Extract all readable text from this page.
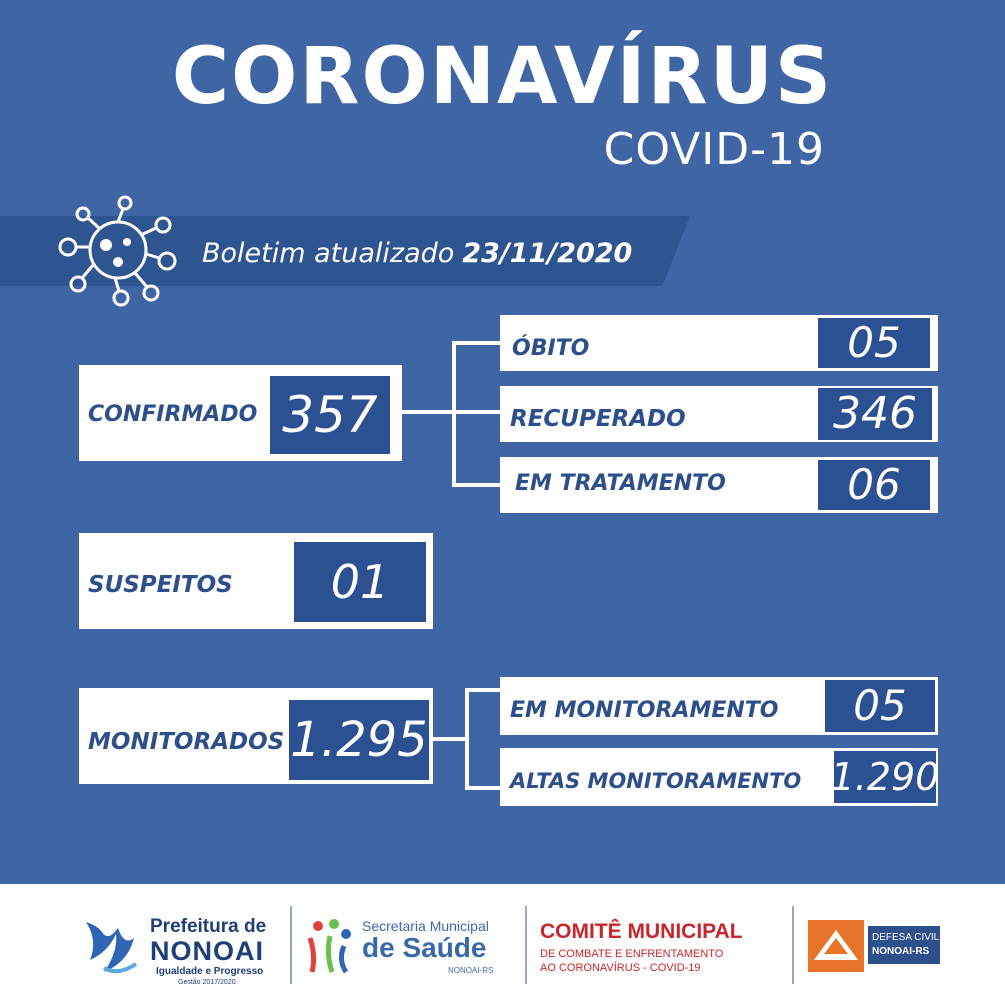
CORONAVÍRUS
COVID-19
Boletim atualizado 23/11/2020
CONFIRMADO 357
ÓBITO	05
RECUPERADO	346
EM TRATAMENTO	06
SUSPEITOS	01
MONITORADOS 1.295
EM MONITORAMENTO	05
ALTAS MONITORAMENTO 1.290
Prefeitura de
NONOAI
Igualdade e Progresso
Gestão 2017/2020
Secretaria Municipal
de Saúde
NONOAI-RS
COMITÊ MUNICIPAL
DE COMBATE E ENFRENTAMENTO
AO CORONAVÍRUS - COVID-19
DEFESA CIVIL
NONOAI-RS
